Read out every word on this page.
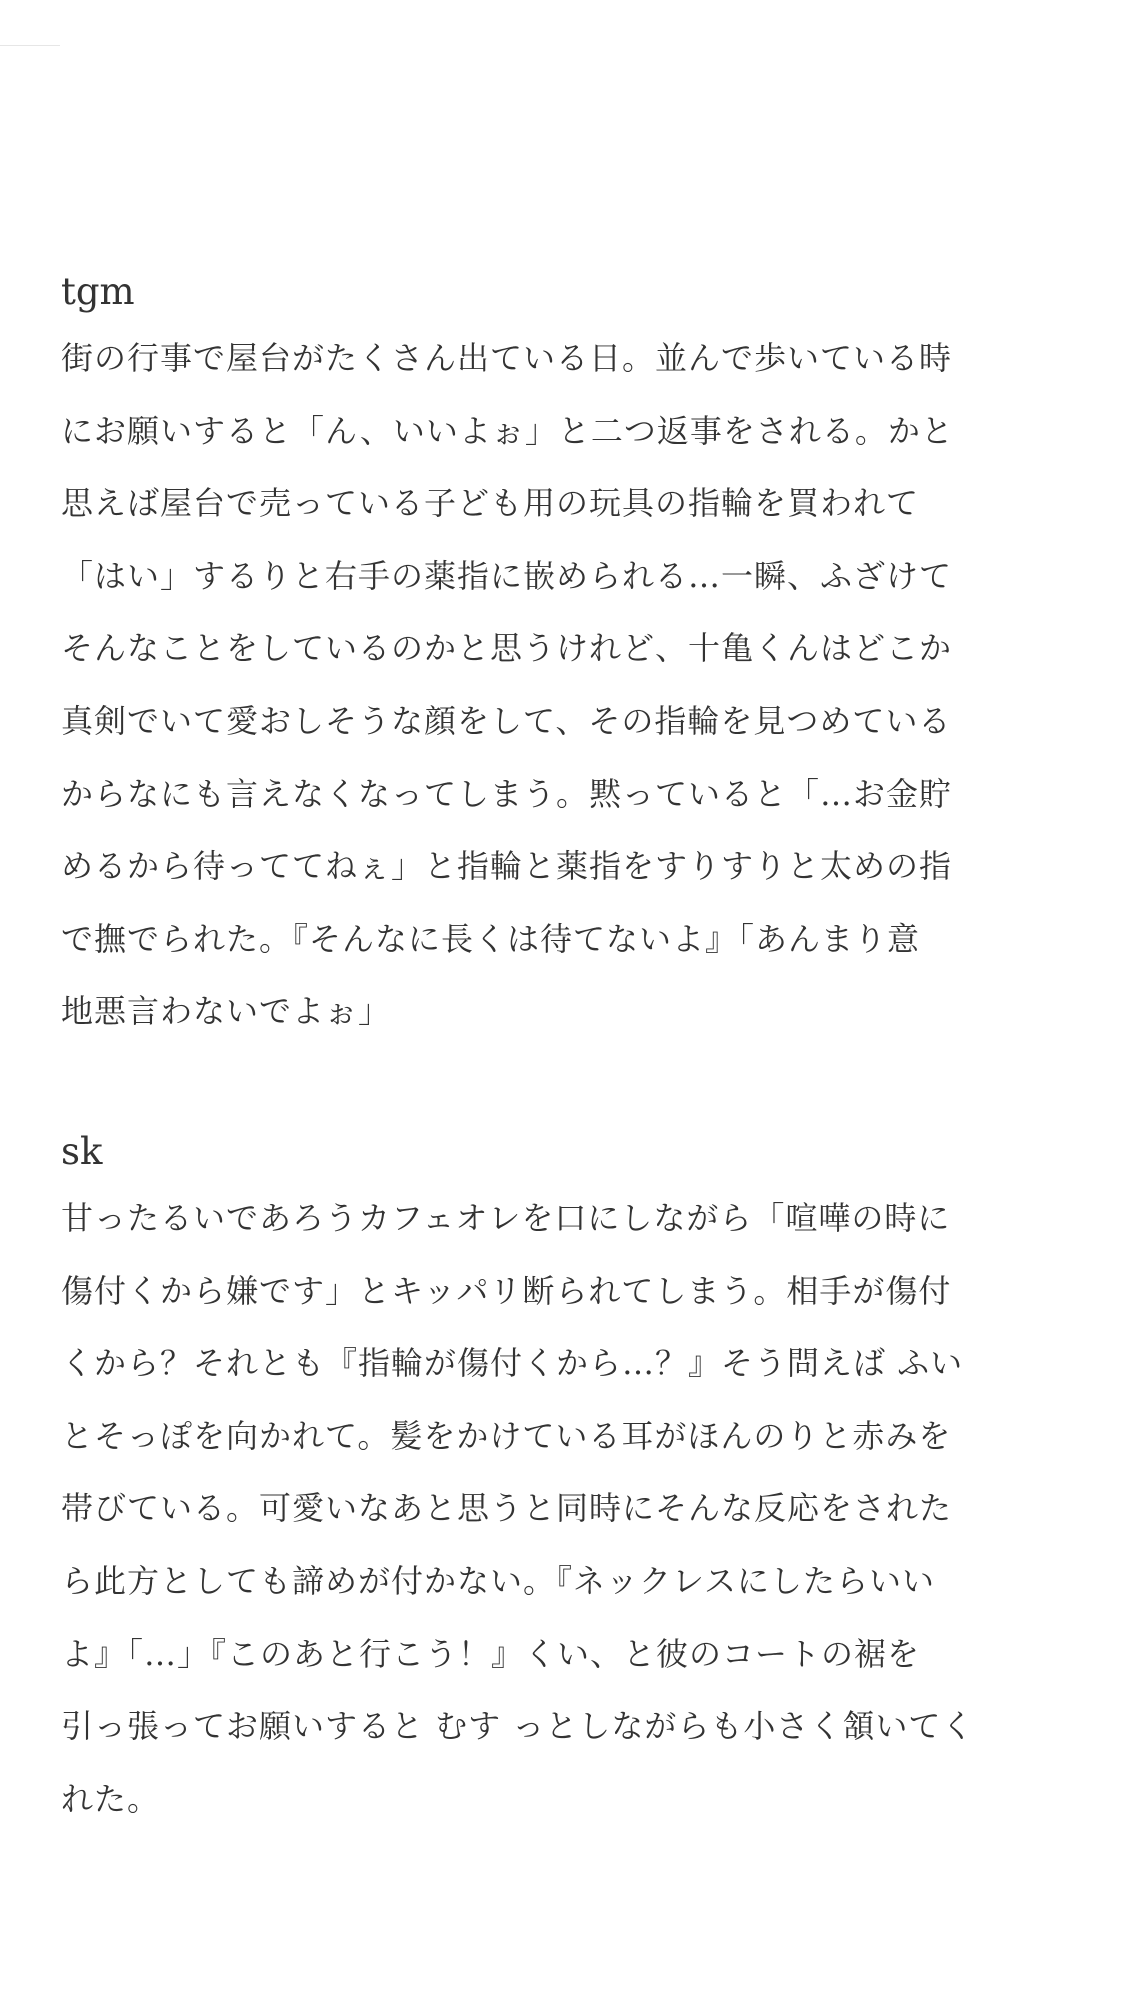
tgm
街の行事で屋台がたくさん出ている日。並んで歩いている時
にお願いすると「ん、いいよぉ」と二つ返事をされる。かと
思えば屋台で売っている子ども用の玩具の指輪を買われて
「はい」するりと右手の薬指に嵌められる…一瞬、ふざけて
そんなことをしているのかと思うけれど、十亀くんはどこか
真剣でいて愛おしそうな顔をして、その指輪を見つめている
からなにも言えなくなってしまう。黙っていると「…お金貯
めるから待っててねぇ」と指輪と薬指をすりすりと太めの指
で撫でられた。『そんなに長くは待てないよ』「あんまり意
地悪言わないでよぉ」
sk
甘ったるいであろうカフェオレを口にしながら「喧嘩の時に
傷付くから嫌です」とキッパリ断られてしまう。相手が傷付
くから？それとも『指輪が傷付くから…？』そう問えば ふい
とそっぽを向かれて。髪をかけている耳がほんのりと赤みを
帯びている。可愛いなあと思うと同時にそんな反応をされた
ら此方としても諦めが付かない。『ネックレスにしたらいい
よ』「…」『このあと行こう！』くい、と彼のコートの裾を
引っ張ってお願いすると むす っとしながらも小さく頷いてく
れた。
